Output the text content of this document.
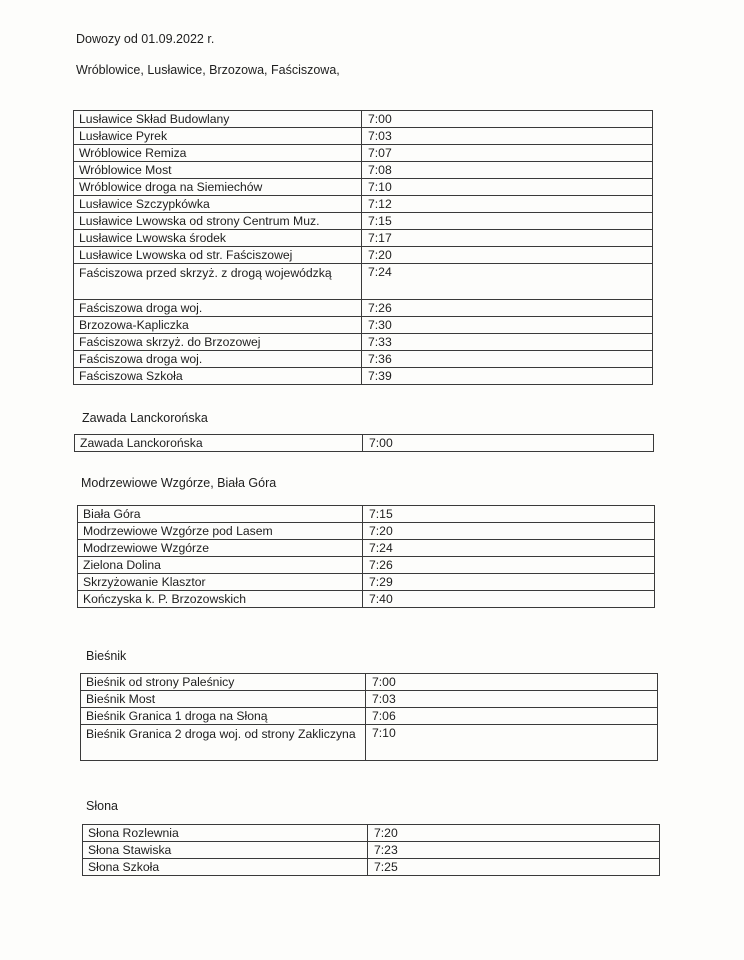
Dowozy od 01.09.2022 r.
Wróblowice, Lusławice, Brzozowa, Faściszowa,
Lusławice Skład Budowlany	7:00
Lusławice Pyrek	7:03
Wróblowice Remiza	7:07
Wróblowice Most	7:08
Wróblowice droga na Siemiechów	7:10
Lusławice Szczypkówka	7:12
Lusławice Lwowska od strony Centrum Muz.	7:15
Lusławice Lwowska środek	7:17
Lusławice Lwowska od str. Faściszowej	7:20
Faściszowa przed skrzyż. z drogą wojewódzką	7:24
Faściszowa droga woj.	7:26
Brzozowa-Kapliczka	7:30
Faściszowa skrzyż. do Brzozowej	7:33
Faściszowa droga woj.	7:36
Faściszowa Szkoła	7:39
Zawada Lanckorońska
Zawada Lanckorońska	7:00
Modrzewiowe Wzgórze, Biała Góra
Biała Góra	7:15
Modrzewiowe Wzgórze pod Lasem	7:20
Modrzewiowe Wzgórze	7:24
Zielona Dolina	7:26
Skrzyżowanie Klasztor	7:29
Kończyska k. P. Brzozowskich	7:40
Bieśnik
Bieśnik od strony Paleśnicy	7:00
Bieśnik Most	7:03
Bieśnik Granica 1 droga na Słoną	7:06
Bieśnik Granica 2 droga woj. od strony Zakliczyna	7:10
Słona
Słona Rozlewnia	7:20
Słona Stawiska	7:23
Słona Szkoła	7:25
